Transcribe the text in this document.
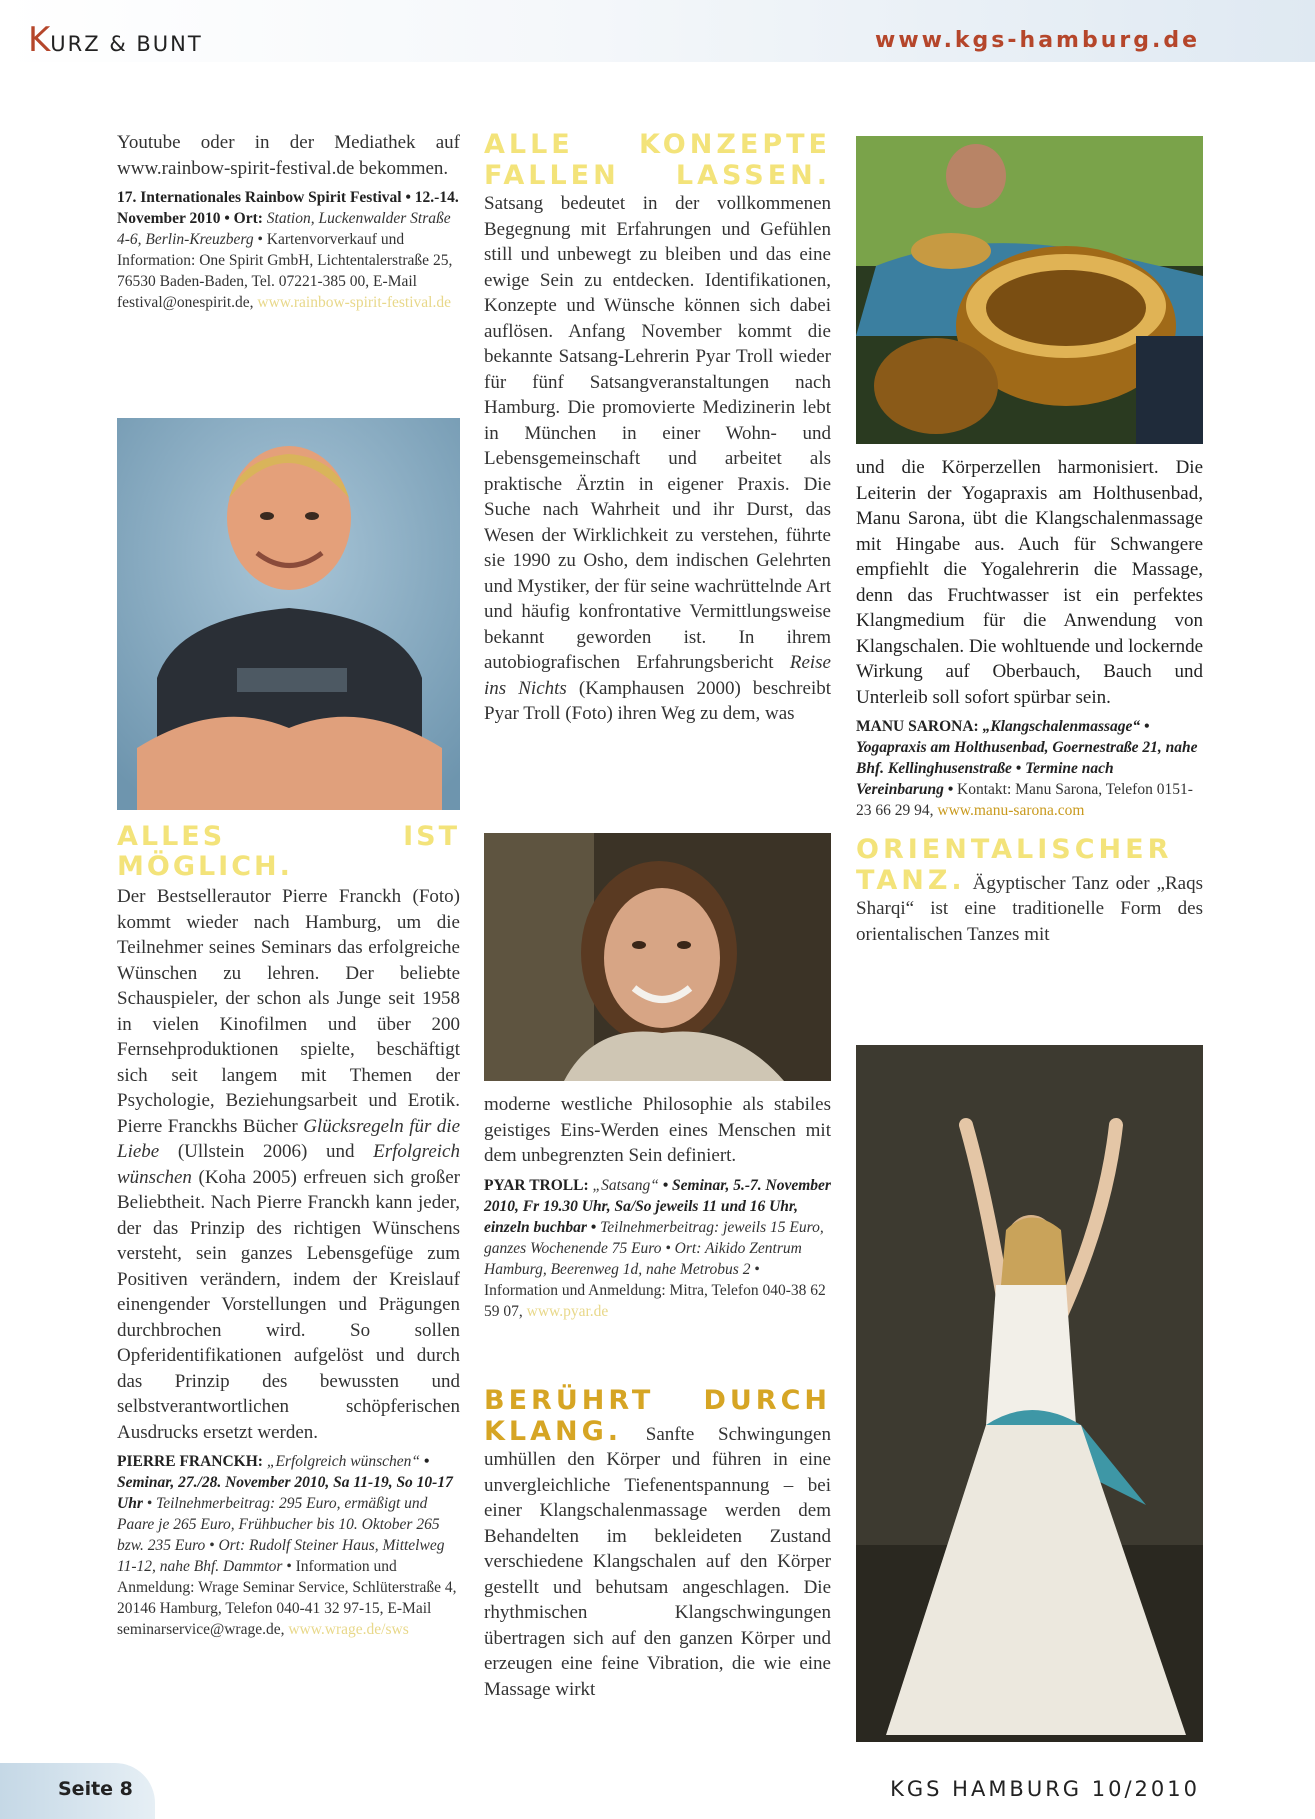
KURZ & BUNT	www.kgs-hamburg.de

Youtube oder in der Mediathek auf www.rainbow-spirit-festival.de bekommen.

17. Internationales Rainbow Spirit Festival • 12.-14. November 2010 • Ort: Station, Luckenwalder Straße 4-6, Berlin-Kreuzberg • Kartenvorverkauf und Information: One Spirit GmbH, Lichtentalerstraße 25, 76530 Baden-Baden, Tel. 07221-385 00, E-Mail festival@onespirit.de, www.rainbow-spirit-festival.de
ALLES IST MÖGLICH.

Der Bestsellerautor Pierre Franckh (Foto) kommt wieder nach Hamburg, um die Teilnehmer seines Seminars das erfolgreiche Wünschen zu lehren. Der beliebte Schauspieler, der schon als Junge seit 1958 in vielen Kinofilmen und über 200 Fernsehproduktionen spielte, beschäftigt sich seit langem mit Themen der Psychologie, Beziehungsarbeit und Erotik. Pierre Franckhs Bücher Glücksregeln für die Liebe (Ullstein 2006) und Erfolgreich wünschen (Koha 2005) erfreuen sich großer Beliebtheit. Nach Pierre Franckh kann jeder, der das Prinzip des richtigen Wünschens versteht, sein ganzes Lebensgefüge zum Positiven verändern, indem der Kreislauf einengender Vorstellungen und Prägungen durchbrochen wird. So sollen Opferidentifikationen aufgelöst und durch das Prinzip des bewussten und selbstverantwortlichen schöpferischen Ausdrucks ersetzt werden.

PIERRE FRANCKH: „Erfolgreich wünschen“ • Seminar, 27./28. November 2010, Sa 11-19, So 10-17 Uhr • Teilnehmerbeitrag: 295 Euro, ermäßigt und Paare je 265 Euro, Frühbucher bis 10. Oktober 265 bzw. 235 Euro • Ort: Rudolf Steiner Haus, Mittelweg 11-12, nahe Bhf. Dammtor • Information und Anmeldung: Wrage Seminar Service, Schlüterstraße 4, 20146 Hamburg, Telefon 040-41 32 97-15, E-Mail seminarservice@wrage.de, www.wrage.de/sws

ALLE KONZEPTE FALLEN LASSEN. Satsang bedeutet in der vollkommenen Begegnung mit Erfahrungen und Gefühlen still und unbewegt zu bleiben und das eine ewige Sein zu entdecken. Identifikationen, Konzepte und Wünsche können sich dabei auflösen. Anfang November kommt die bekannte Satsang-Lehrerin Pyar Troll wieder für fünf Satsangveranstaltungen nach Hamburg. Die promovierte Medizinerin lebt in München in einer Wohn- und Lebensgemeinschaft und arbeitet als praktische Ärztin in eigener Praxis. Die Suche nach Wahrheit und ihr Durst, das Wesen der Wirklichkeit zu verstehen, führte sie 1990 zu Osho, dem indischen Gelehrten und Mystiker, der für seine wachrüttelnde Art und häufig konfrontative Vermittlungsweise bekannt geworden ist. In ihrem autobiografischen Erfahrungsbericht Reise ins Nichts (Kamphausen 2000) beschreibt Pyar Troll (Foto) ihren Weg zu dem, was

moderne westliche Philosophie als stabiles geistiges Eins-Werden eines Menschen mit dem unbegrenzten Sein definiert.

PYAR TROLL: „Satsang“ • Seminar, 5.-7. November 2010, Fr 19.30 Uhr, Sa/So jeweils 11 und 16 Uhr, einzeln buchbar • Teilnehmerbeitrag: jeweils 15 Euro, ganzes Wochenende 75 Euro • Ort: Aikido Zentrum Hamburg, Beerenweg 1d, nahe Metrobus 2 • Information und Anmeldung: Mitra, Telefon 040-38 62 59 07, www.pyar.de

BERÜHRT DURCH KLANG. Sanfte Schwingungen umhüllen den Körper und führen in eine unvergleichliche Tiefenentspannung – bei einer Klangschalenmassage werden dem Behandelten im bekleideten Zustand verschiedene Klangschalen auf den Körper gestellt und behutsam angeschlagen. Die rhythmischen Klangschwingungen übertragen sich auf den ganzen Körper und erzeugen eine feine Vibration, die wie eine Massage wirkt

und die Körperzellen harmonisiert. Die Leiterin der Yogapraxis am Holthusenbad, Manu Sarona, übt die Klangschalenmassage mit Hingabe aus. Auch für Schwangere empfiehlt die Yogalehrerin die Massage, denn das Fruchtwasser ist ein perfektes Klangmedium für die Anwendung von Klangschalen. Die wohltuende und lockernde Wirkung auf Oberbauch, Bauch und Unterleib soll sofort spürbar sein.

MANU SARONA: „Klangschalenmassage“ • Yogapraxis am Holthusenbad, Goernestraße 21, nahe Bhf. Kellinghusenstraße • Termine nach Vereinbarung • Kontakt: Manu Sarona, Telefon 0151-23 66 29 94, www.manu-sarona.com

ORIENTALISCHER TANZ. Ägyptischer Tanz oder „Raqs Sharqi“ ist eine traditionelle Form des orientalischen Tanzes mit

Seite 8	KGS HAMBURG 10/2010
